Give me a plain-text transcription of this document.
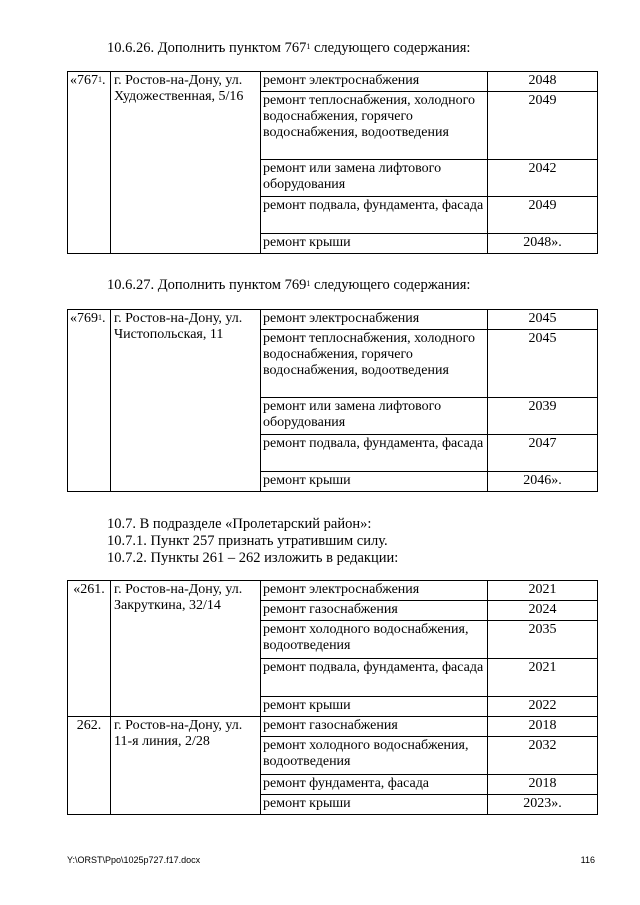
10.6.26. Дополнить пунктом $767^1$ следующего содержания:
«$767^1$.	г. Ростов-на-Дону, ул. Художественная, 5/16	ремонт электроснабжения	2048
		ремонт теплоснабжения, холодного водоснабжения, горячего водоснабжения, водоотведения	2049
		ремонт или замена лифтового оборудования	2042
		ремонт подвала, фундамента, фасада	2049
		ремонт крыши	2048».
10.6.27. Дополнить пунктом $769^1$ следующего содержания:
«$769^1$.	г. Ростов-на-Дону, ул. Чистопольская, 11	ремонт электроснабжения	2045
		ремонт теплоснабжения, холодного водоснабжения, горячего водоснабжения, водоотведения	2045
		ремонт или замена лифтового оборудования	2039
		ремонт подвала, фундамента, фасада	2047
		ремонт крыши	2046».
10.7. В подразделе «Пролетарский район»:
10.7.1. Пункт 257 признать утратившим силу.
10.7.2. Пункты 261 – 262 изложить в редакции:
«261.	г. Ростов-на-Дону, ул. Закруткина, 32/14	ремонт электроснабжения	2021
		ремонт газоснабжения	2024
		ремонт холодного водоснабжения, водоотведения	2035
		ремонт подвала, фундамента, фасада	2021
		ремонт крыши	2022
262.	г. Ростов-на-Дону, ул. 11-я линия, 2/28	ремонт газоснабжения	2018
		ремонт холодного водоснабжения, водоотведения	2032
		ремонт фундамента, фасада	2018
		ремонт крыши	2023».
Y:\ORST\Ppo\1025p727.f17.docx	116
